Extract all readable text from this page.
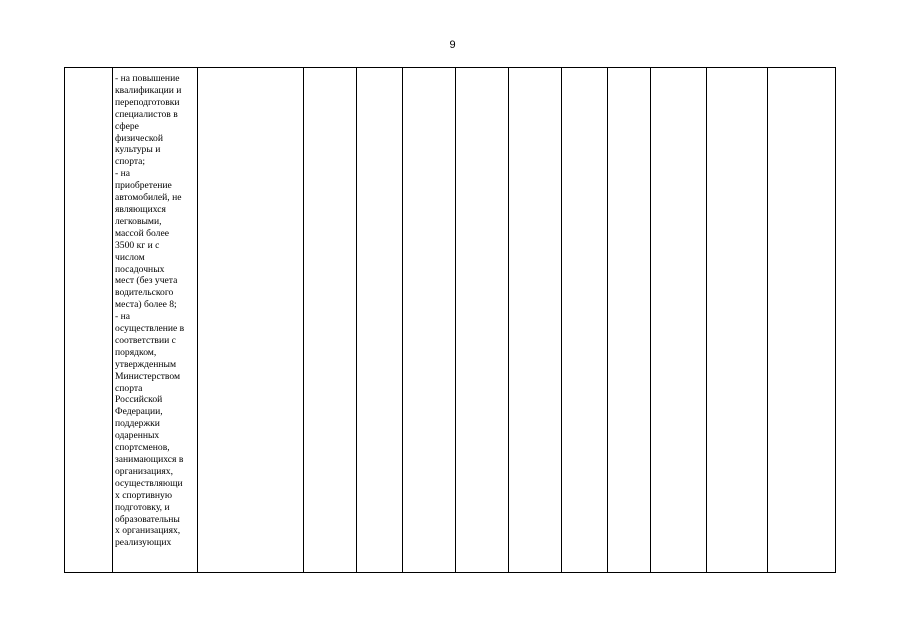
9

- на повышение
квалификации и
переподготовки
специалистов в
сфере
физической
культуры и
спорта;
- на
приобретение
автомобилей, не
являющихся
легковыми,
массой более
3500 кг и с
числом
посадочных
мест (без учета
водительского
места) более 8;
- на
осуществление в
соответствии с
порядком,
утвержденным
Министерством
спорта
Российской
Федерации,
поддержки
одаренных
спортсменов,
занимающихся в
организациях,
осуществляющи
х спортивную
подготовку, и
образовательны
х организациях,
реализующих
